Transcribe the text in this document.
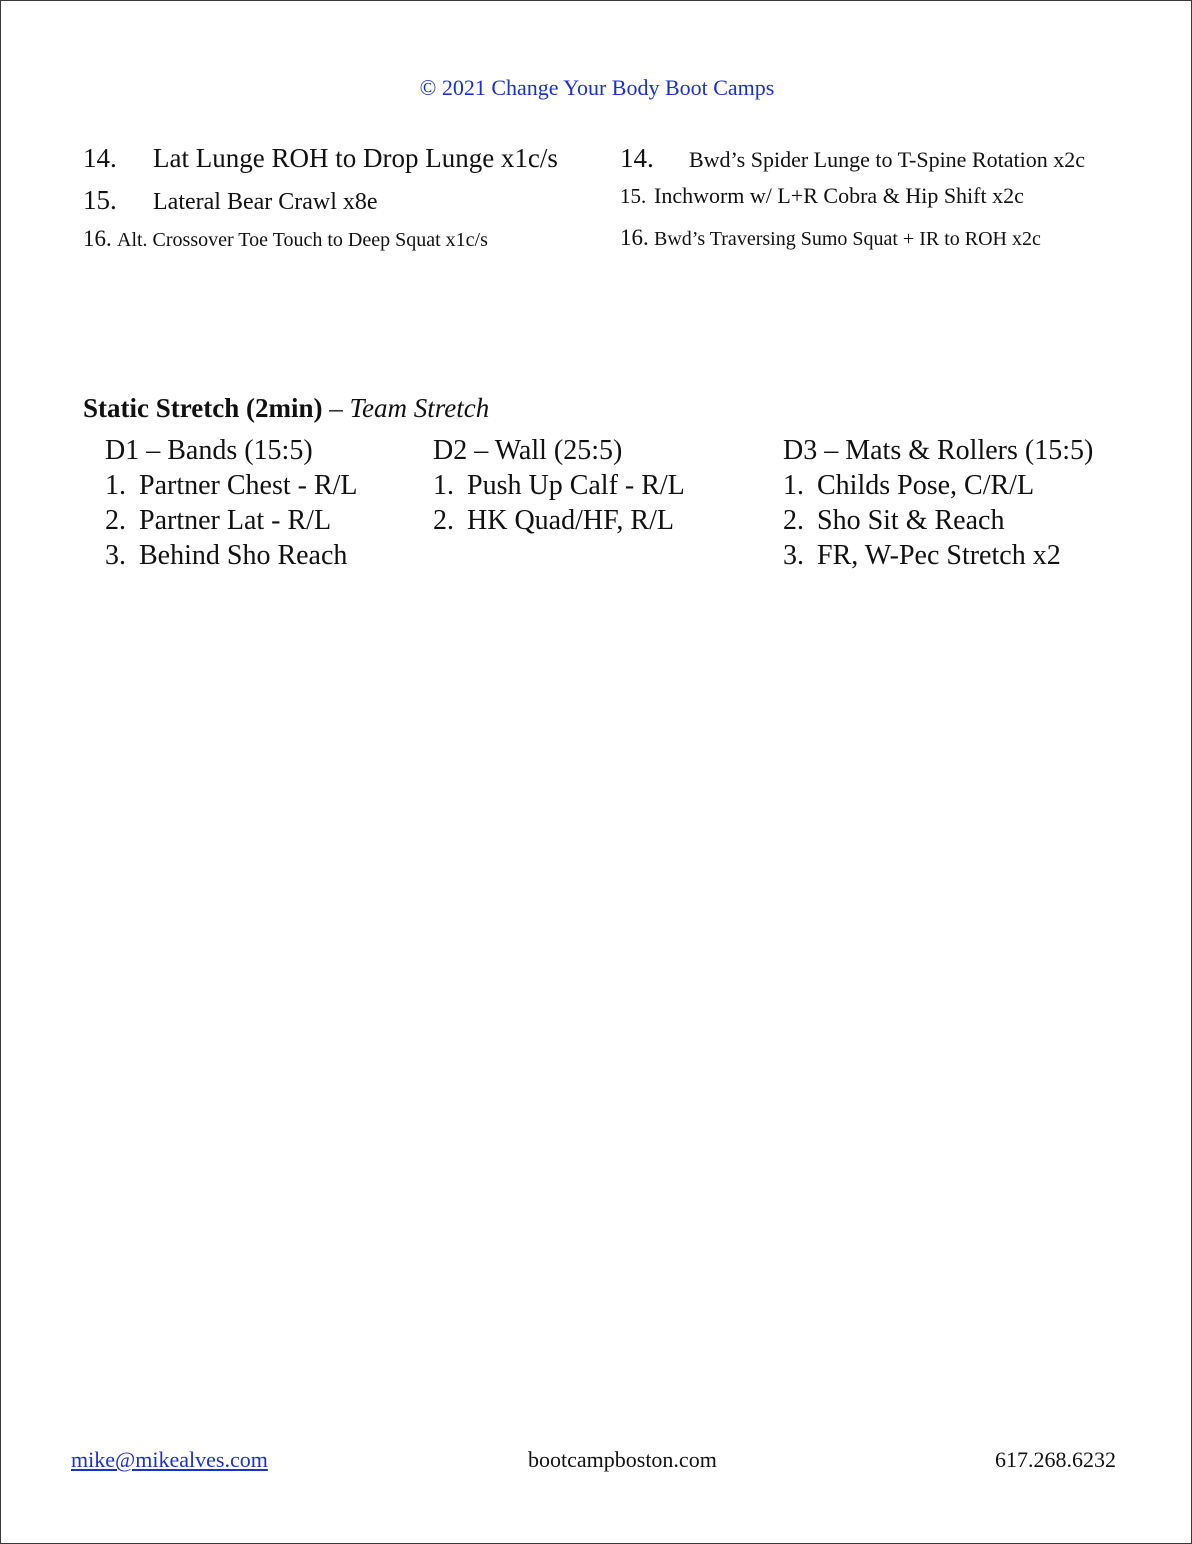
© 2021 Change Your Body Boot Camps
14. Lat Lunge ROH to Drop Lunge x1c/s
15. Lateral Bear Crawl x8e
16. Alt. Crossover Toe Touch to Deep Squat x1c/s
14. Bwd’s Spider Lunge to T-Spine Rotation x2c
15. Inchworm w/ L+R Cobra & Hip Shift x2c
16. Bwd’s Traversing Sumo Squat + IR to ROH x2c
Static Stretch (2min) – Team Stretch
D1 – Bands (15:5)
1. Partner Chest - R/L
2. Partner Lat - R/L
3. Behind Sho Reach
D2 – Wall (25:5)
1. Push Up Calf - R/L
2. HK Quad/HF, R/L
D3 – Mats & Rollers (15:5)
1. Childs Pose, C/R/L
2. Sho Sit & Reach
3. FR, W-Pec Stretch x2
mike@mikealves.com	bootcampboston.com	617.268.6232
